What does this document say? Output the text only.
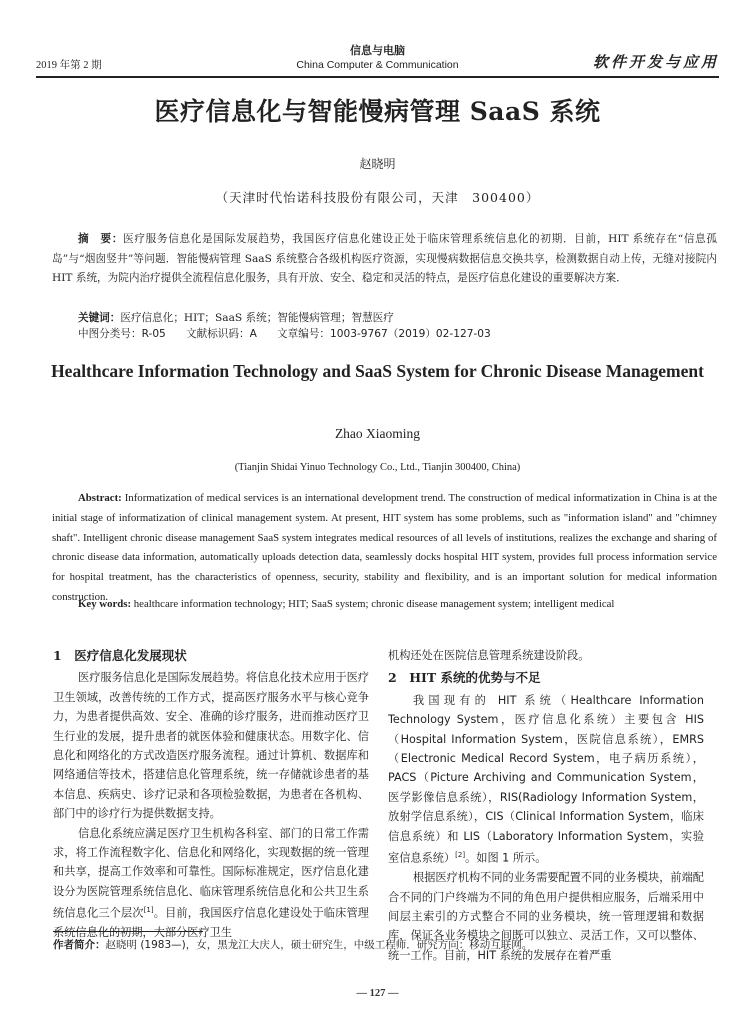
2019 年第 2 期
信息与电脑
China Computer & Communication	软件开发与应用
医疗信息化与智能慢病管理 SaaS 系统
赵晓明
（天津时代怡诺科技股份有限公司，天津　300400）
摘　要：医疗服务信息化是国际发展趋势，我国医疗信息化建设正处于临床管理系统信息化的初期．目前，HIT 系统存在“信息孤岛”与“烟囱竖井”等问题．智能慢病管理 SaaS 系统整合各级机构医疗资源，实现慢病数据信息交换共享，检测数据自动上传，无缝对接院内 HIT 系统，为院内治疗提供全流程信息化服务，具有开放、安全、稳定和灵活的特点，是医疗信息化建设的重要解决方案．
关键词：医疗信息化；HIT；SaaS 系统；智能慢病管理；智慧医疗
中图分类号：R-05 文献标识码：A 文章编号：1003-9767（2019）02-127-03
Healthcare Information Technology and SaaS System for Chronic Disease Management
Zhao Xiaoming
(Tianjin Shidai Yinuo Technology Co., Ltd., Tianjin 300400, China)
Abstract: Informatization of medical services is an international development trend. The construction of medical informatization in China is at the initial stage of informatization of clinical management system. At present, HIT system has some problems, such as "information island" and "chimney shaft". Intelligent chronic disease management SaaS system integrates medical resources of all levels of institutions, realizes the exchange and sharing of chronic disease data information, automatically uploads detection data, seamlessly docks hospital HIT system, provides full process information service for hospital treatment, has the characteristics of openness, security, stability and flexibility, and is an important solution for medical information construction.
Key words: healthcare information technology; HIT; SaaS system; chronic disease management system; intelligent medical
1　医疗信息化发展现状

医疗服务信息化是国际发展趋势。将信息化技术应用于医疗卫生领域，改善传统的工作方式，提高医疗服务水平与核心竞争力，为患者提供高效、安全、准确的诊疗服务，进而推动医疗卫生行业的发展，提升患者的就医体验和健康状态。用数字化、信息化和网络化的方式改造医疗服务流程。通过计算机、数据库和网络通信等技术，搭建信息化管理系统，统一存储就诊患者的基本信息、疾病史、诊疗记录和各项检验数据，为患者在各机构、部门中的诊疗行为提供数据支持。

信息化系统应满足医疗卫生机构各科室、部门的日常工作需求，将工作流程数字化、信息化和网络化，实现数据的统一管理和共享，提高工作效率和可靠性。国际标准规定，医疗信息化建设分为医院管理系统信息化、临床管理系统信息化和公共卫生系统信息化三个层次[1]。目前，我国医疗信息化建设处于临床管理系统信息化的初期，大部分医疗卫生

机构还处在医院信息管理系统建设阶段。

2　HIT 系统的优势与不足

我国现有的 HIT 系统（Healthcare Information Technology System，医疗信息化系统）主要包含 HIS（Hospital Information System，医院信息系统），EMRS（Electronic Medical Record System，电子病历系统），PACS（Picture Archiving and Communication System，医学影像信息系统），RIS(Radiology Information System，放射学信息系统），CIS（Clinical Information System，临床信息系统）和 LIS（Laboratory Information System，实验室信息系统）[2]。如图 1 所示。

根据医疗机构不同的业务需要配置不同的业务模块，前端配合不同的门户终端为不同的角色用户提供相应服务，后端采用中间层主索引的方式整合不同的业务模块，统一管理逻辑和数据库，保证各业务模块之间既可以独立、灵活工作，又可以整体、统一工作。目前，HIT 系统的发展存在着严重

作者简介：赵晓明 (1983—)，女，黑龙江大庆人，硕士研究生，中级工程师．研究方向：移动互联网。
— 127 —
